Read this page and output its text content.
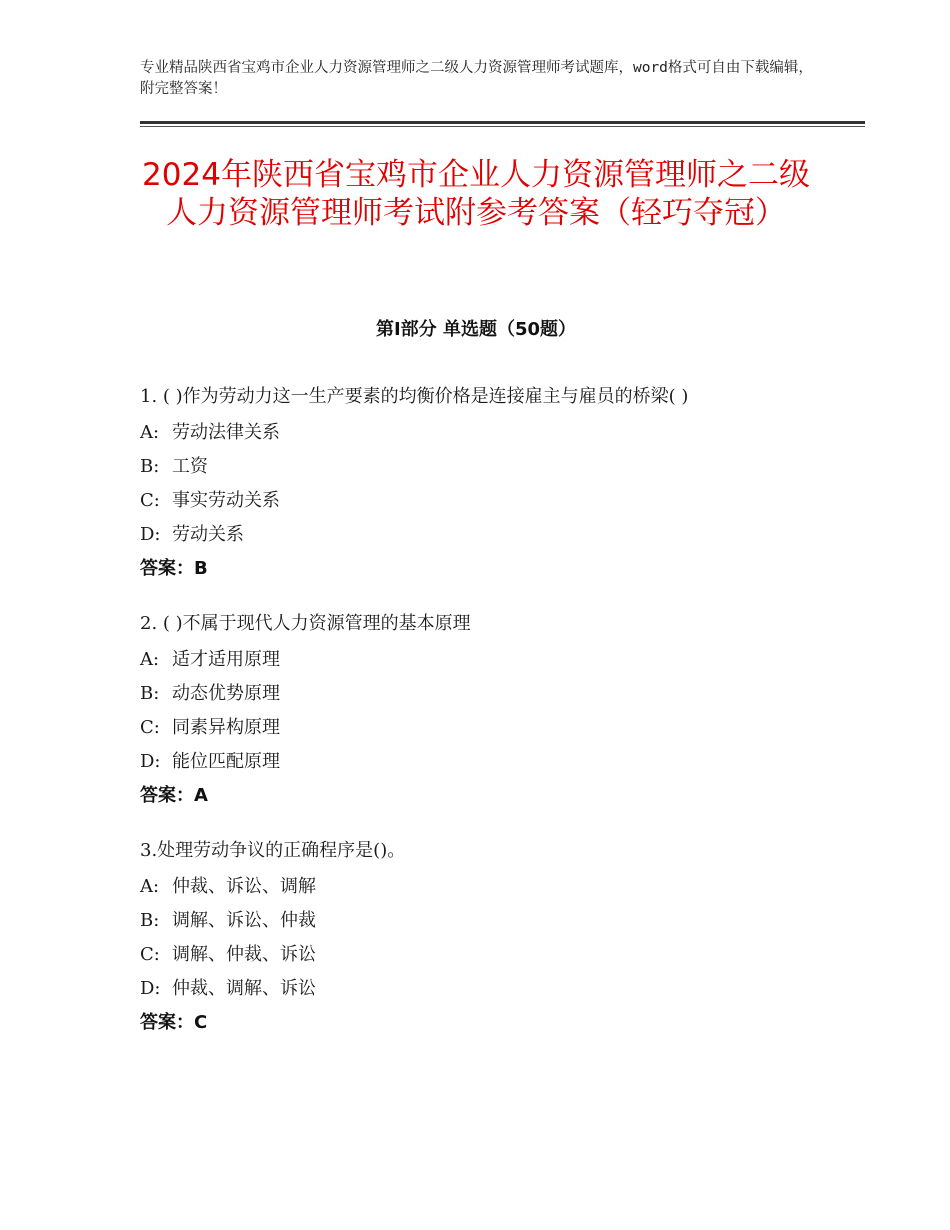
专业精品陕西省宝鸡市企业人力资源管理师之二级人力资源管理师考试题库，word格式可自由下载编辑，附完整答案！
2024年陕西省宝鸡市企业人力资源管理师之二级人力资源管理师考试附参考答案（轻巧夺冠）
第Ⅰ部分 单选题（50题）
1. ( )作为劳动力这一生产要素的均衡价格是连接雇主与雇员的桥梁( )
A: 劳动法律关系
B: 工资
C: 事实劳动关系
D: 劳动关系
答案：B
2. ( )不属于现代人力资源管理的基本原理
A: 适才适用原理
B: 动态优势原理
C: 同素异构原理
D: 能位匹配原理
答案：A
3.处理劳动争议的正确程序是()。
A: 仲裁、诉讼、调解
B: 调解、诉讼、仲裁
C: 调解、仲裁、诉讼
D: 仲裁、调解、诉讼
答案：C
